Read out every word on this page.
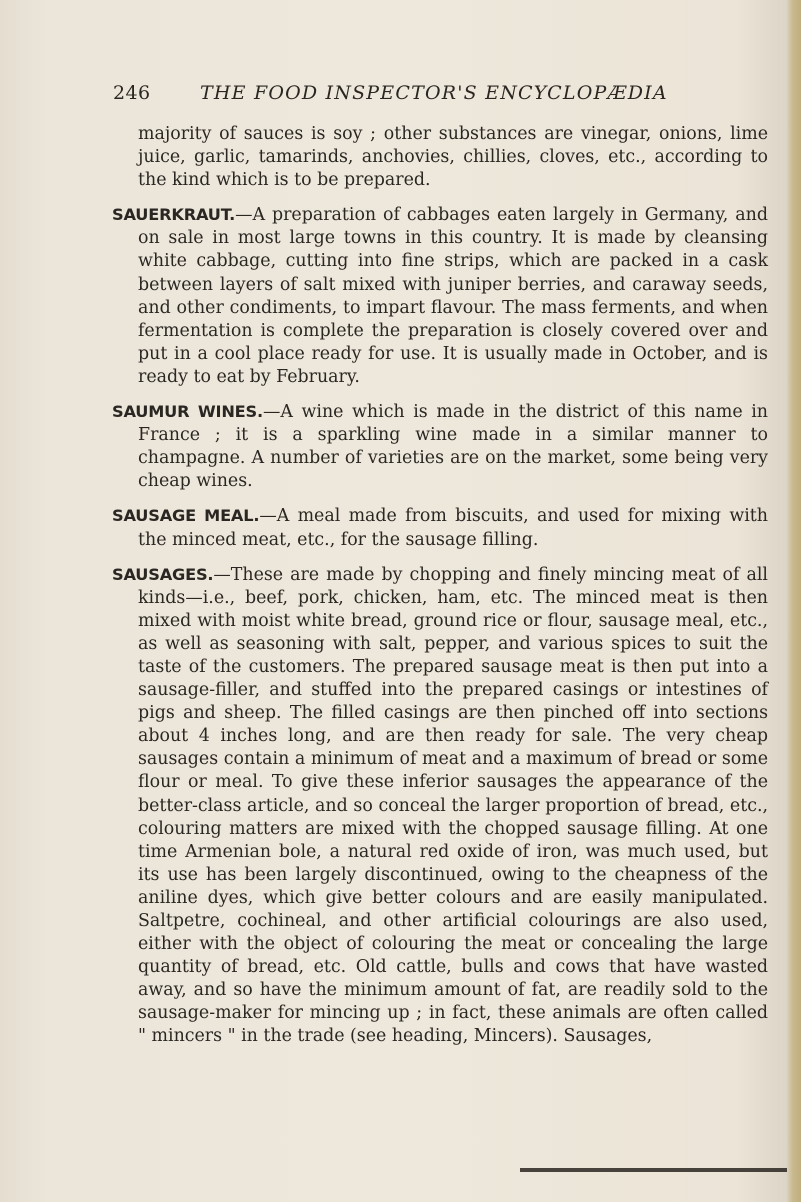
246	THE FOOD INSPECTOR'S ENCYCLOPÆDIA

majority of sauces is soy ; other substances are vinegar, onions, lime juice, garlic, tamarinds, anchovies, chillies, cloves, etc., according to the kind which is to be prepared.

SAUERKRAUT.—A preparation of cabbages eaten largely in Germany, and on sale in most large towns in this country. It is made by cleansing white cabbage, cutting into fine strips, which are packed in a cask between layers of salt mixed with juniper berries, and caraway seeds, and other condiments, to impart flavour. The mass ferments, and when fermentation is complete the preparation is closely covered over and put in a cool place ready for use. It is usually made in October, and is ready to eat by February.

SAUMUR WINES.—A wine which is made in the district of this name in France ; it is a sparkling wine made in a similar manner to champagne. A number of varieties are on the market, some being very cheap wines.

SAUSAGE MEAL.—A meal made from biscuits, and used for mixing with the minced meat, etc., for the sausage filling.

SAUSAGES.—These are made by chopping and finely mincing meat of all kinds—i.e., beef, pork, chicken, ham, etc. The minced meat is then mixed with moist white bread, ground rice or flour, sausage meal, etc., as well as seasoning with salt, pepper, and various spices to suit the taste of the customers. The prepared sausage meat is then put into a sausage-filler, and stuffed into the prepared casings or intestines of pigs and sheep. The filled casings are then pinched off into sections about 4 inches long, and are then ready for sale. The very cheap sausages contain a minimum of meat and a maximum of bread or some flour or meal. To give these inferior sausages the appearance of the better-class article, and so conceal the larger proportion of bread, etc., colouring matters are mixed with the chopped sausage filling. At one time Armenian bole, a natural red oxide of iron, was much used, but its use has been largely discontinued, owing to the cheapness of the aniline dyes, which give better colours and are easily manipulated. Saltpetre, cochineal, and other artificial colourings are also used, either with the object of colouring the meat or concealing the large quantity of bread, etc. Old cattle, bulls and cows that have wasted away, and so have the minimum amount of fat, are readily sold to the sausage-maker for mincing up ; in fact, these animals are often called " mincers " in the trade (see heading, Mincers). Sausages,
